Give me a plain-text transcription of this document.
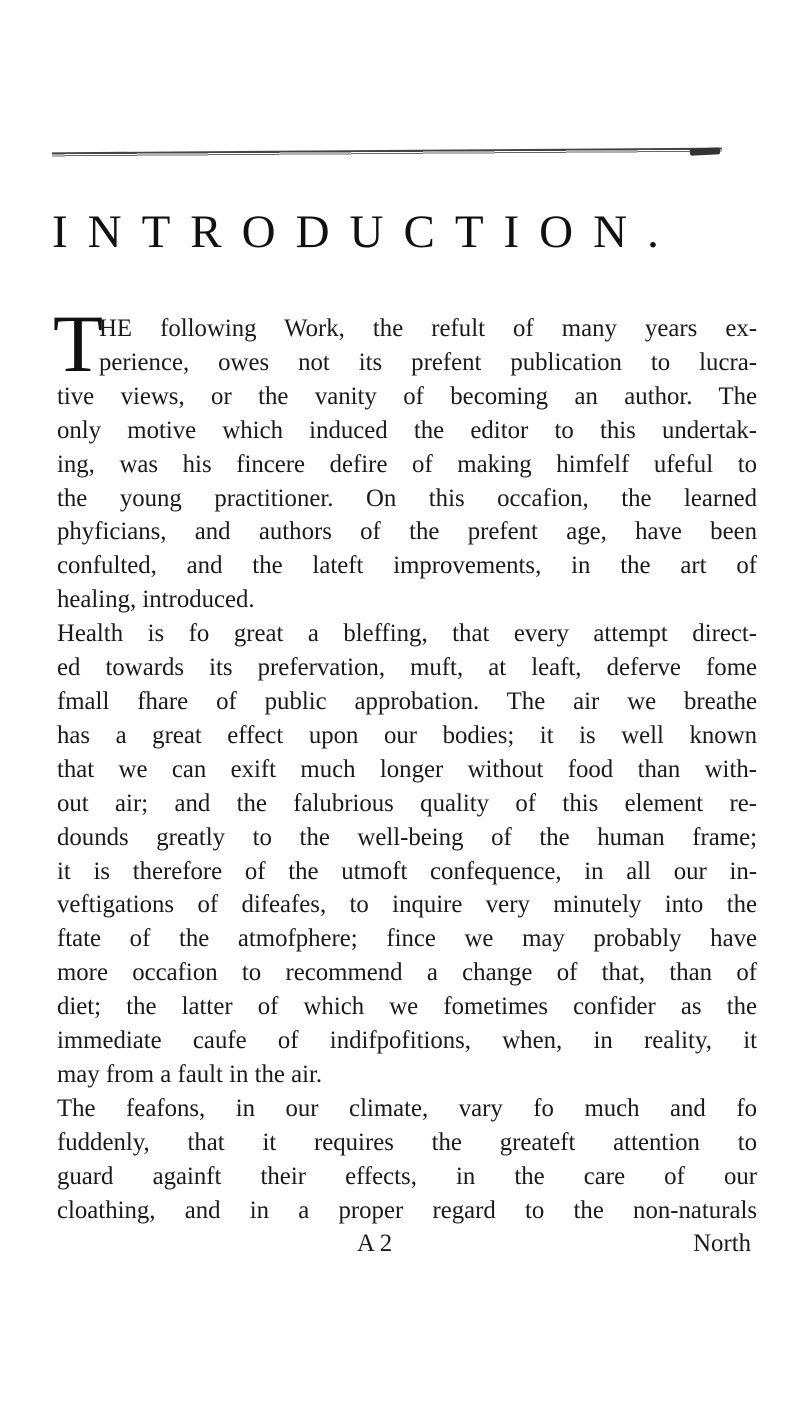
INTRODUCTION.
T
HE following Work, the refult of many years ex-
perience, owes not its prefent publication to lucra-
tive views, or the vanity of becoming an author. The
only motive which induced the editor to this undertak-
ing, was his fincere defire of making himfelf ufeful to
the young practitioner. On this occafion, the learned
phyficians, and authors of the prefent age, have been
confulted, and the lateft improvements, in the art of
healing, introduced.
Health is fo great a bleffing, that every attempt direct-
ed towards its prefervation, muft, at leaft, deferve fome
fmall fhare of public approbation. The air we breathe
has a great effect upon our bodies; it is well known
that we can exift much longer without food than with-
out air; and the falubrious quality of this element re-
dounds greatly to the well-being of the human frame;
it is therefore of the utmoft confequence, in all our in-
veftigations of difeafes, to inquire very minutely into the
ftate of the atmofphere; fince we may probably have
more occafion to recommend a change of that, than of
diet; the latter of which we fometimes confider as the
immediate caufe of indifpofitions, when, in reality, it
may from a fault in the air.
The feafons, in our climate, vary fo much and fo
fuddenly, that it requires the greateft attention to
guard againft their effects, in the care of our
cloathing, and in a proper regard to the non-naturals
A 2	North
